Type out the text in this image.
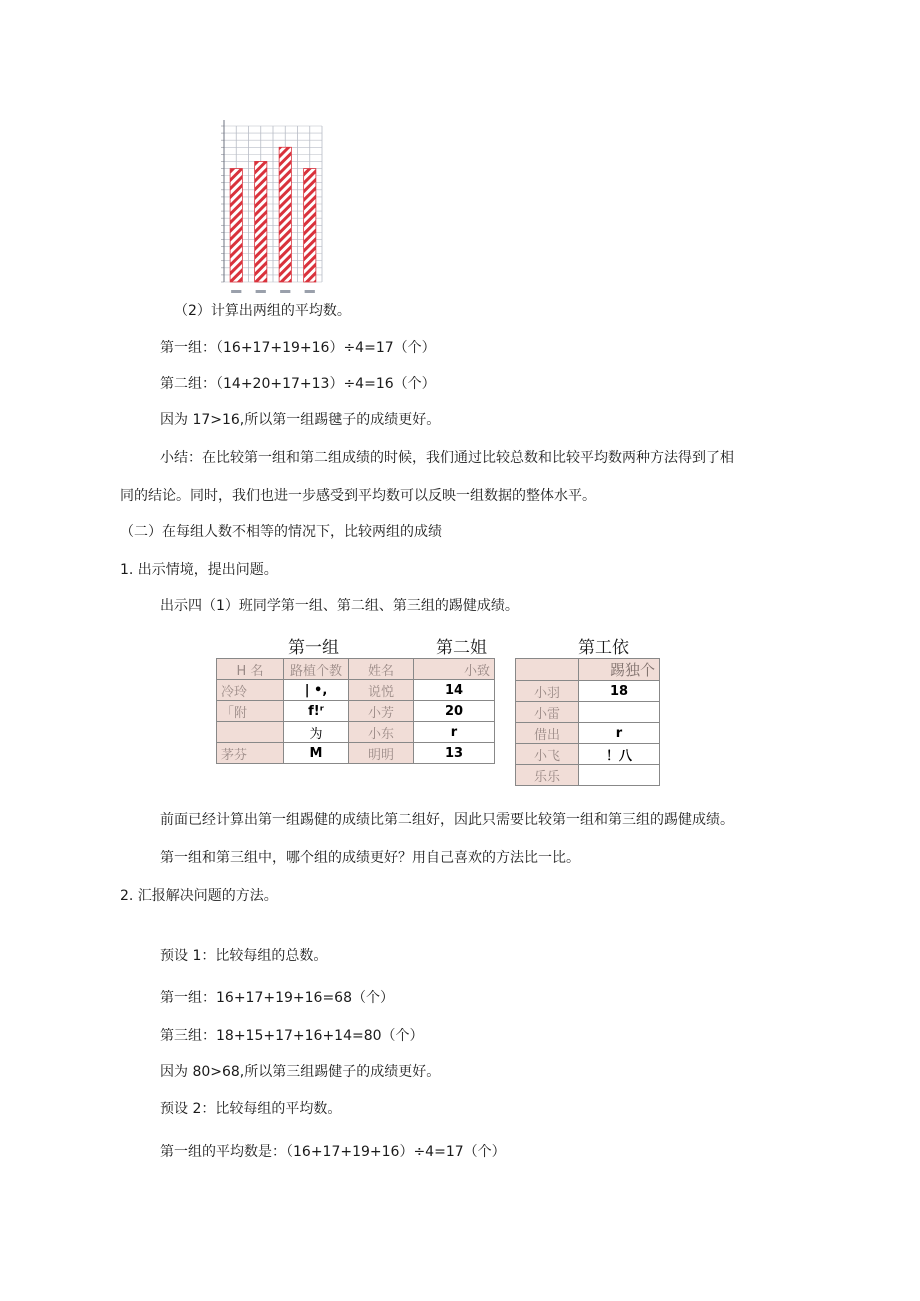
（2）计算出两组的平均数。
第一组：（16+17+19+16）÷4=17（个）
第二组：（14+20+17+13）÷4=16（个）
因为 17>16,所以第一组踢毽子的成绩更好。
小结：在比较第一组和第二组成绩的时候，我们通过比较总数和比较平均数两种方法得到了相
同的结论。同时，我们也进一步感受到平均数可以反映一组数据的整体水平。
（二）在每组人数不相等的情况下，比较两组的成绩
1. 出示情境，提出问题。
出示四（1）班同学第一组、第二组、第三组的踢健成绩。
第一组	第二姐	第工依
H 名	路植个教	姓名	小致
冷玲	| •,	说悦	14
「附	f!ʳ	小芳	20
	为	小东	r
茅芬	M	明明	13
	踢独个
小羽	18
小雷	
借出	r
小飞	！八
乐乐	
前面已经计算出第一组踢健的成绩比第二组好，因此只需要比较第一组和第三组的踢健成绩。
第一组和第三组中，哪个组的成绩更好？用自己喜欢的方法比一比。
2. 汇报解决问题的方法。
预设 1：比较每组的总数。
第一组：16+17+19+16=68（个）
第三组：18+15+17+16+14=80（个）
因为 80>68,所以第三组踢健子的成绩更好。
预设 2：比较每组的平均数。
第一组的平均数是：（16+17+19+16）÷4=17（个）
